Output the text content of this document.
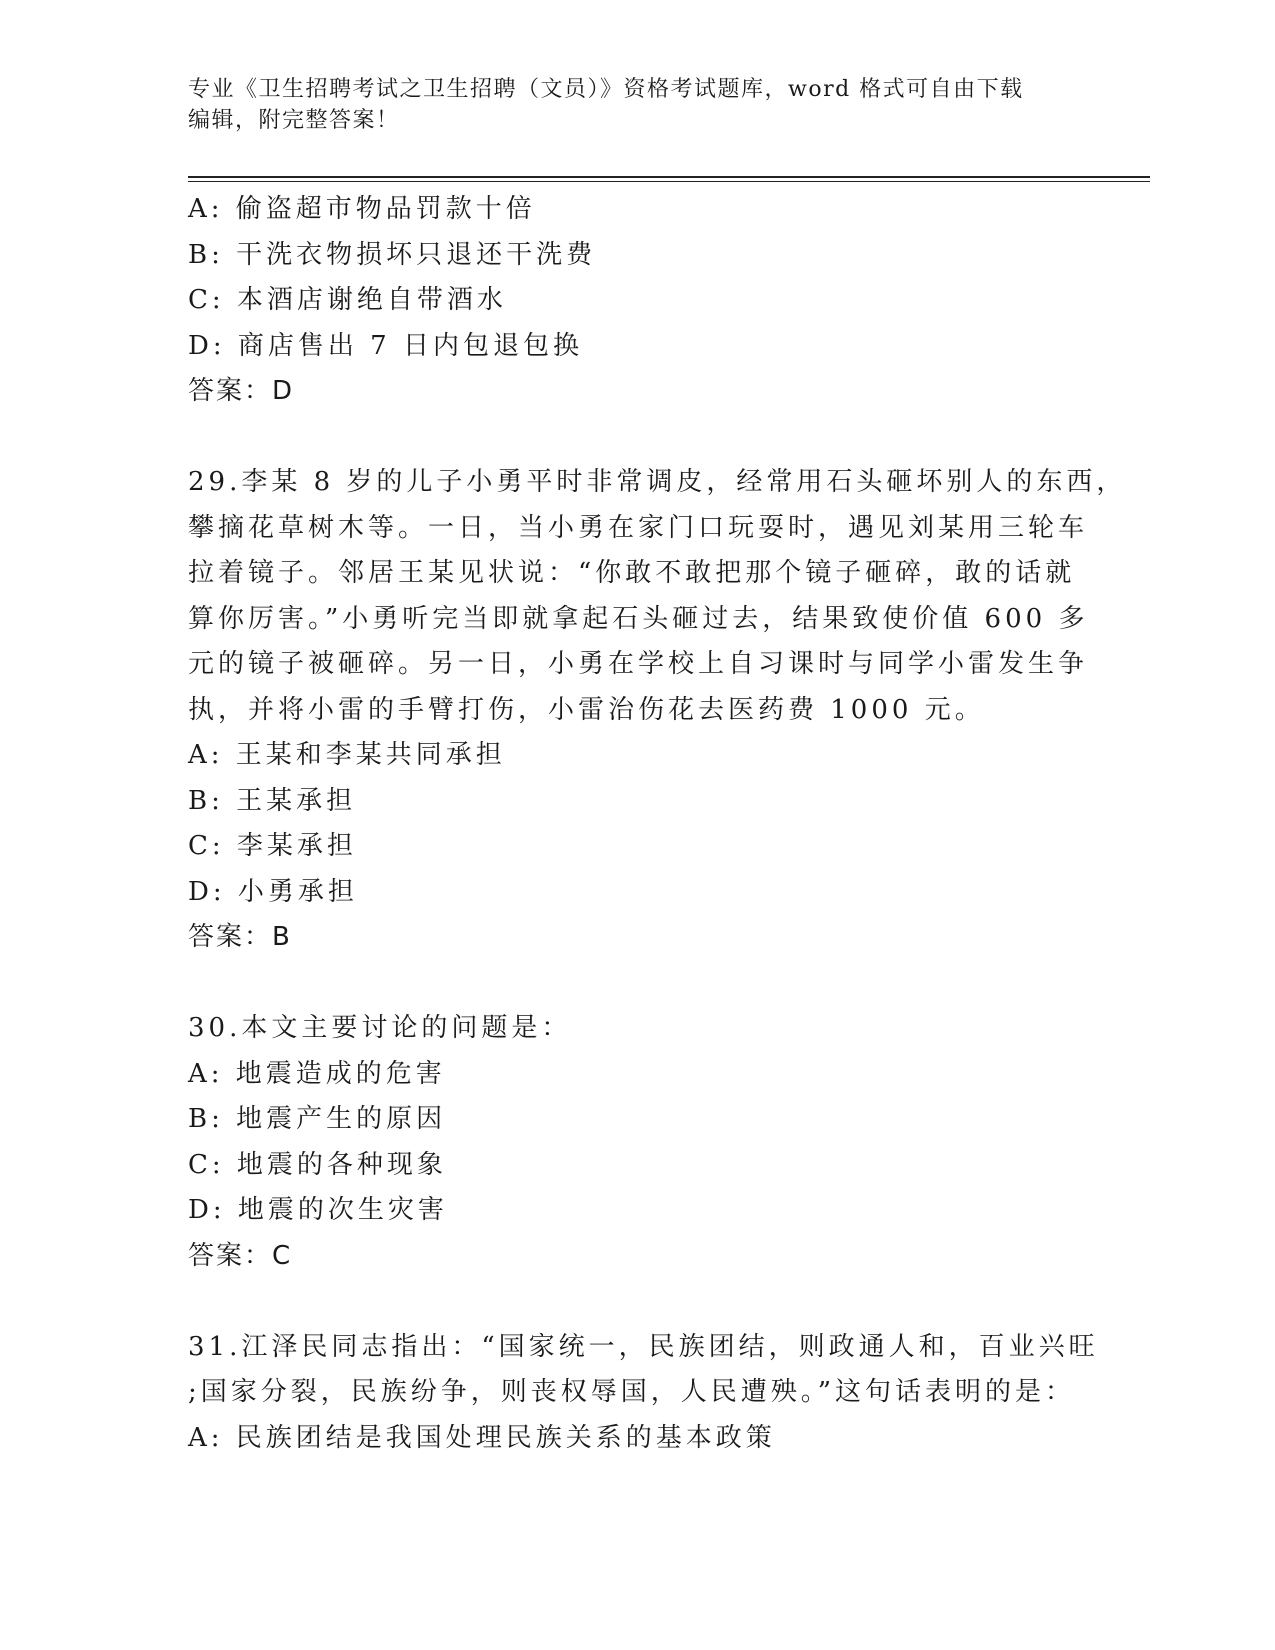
专业《卫生招聘考试之卫生招聘（文员）》资格考试题库，word 格式可自由下载
编辑，附完整答案！
A: 偷盗超市物品罚款十倍
B: 干洗衣物损坏只退还干洗费
C: 本酒店谢绝自带酒水
D: 商店售出 7 日内包退包换
答案：D
29.李某 8 岁的儿子小勇平时非常调皮，经常用石头砸坏别人的东西，
攀摘花草树木等。一日，当小勇在家门口玩耍时，遇见刘某用三轮车
拉着镜子。邻居王某见状说：“你敢不敢把那个镜子砸碎，敢的话就
算你厉害。”小勇听完当即就拿起石头砸过去，结果致使价值 600 多
元的镜子被砸碎。另一日，小勇在学校上自习课时与同学小雷发生争
执，并将小雷的手臂打伤，小雷治伤花去医药费 1000 元。
A: 王某和李某共同承担
B: 王某承担
C: 李某承担
D: 小勇承担
答案：B
30.本文主要讨论的问题是：
A: 地震造成的危害
B: 地震产生的原因
C: 地震的各种现象
D: 地震的次生灾害
答案：C
31.江泽民同志指出：“国家统一，民族团结，则政通人和，百业兴旺
;国家分裂，民族纷争，则丧权辱国，人民遭殃。”这句话表明的是：
A: 民族团结是我国处理民族关系的基本政策
